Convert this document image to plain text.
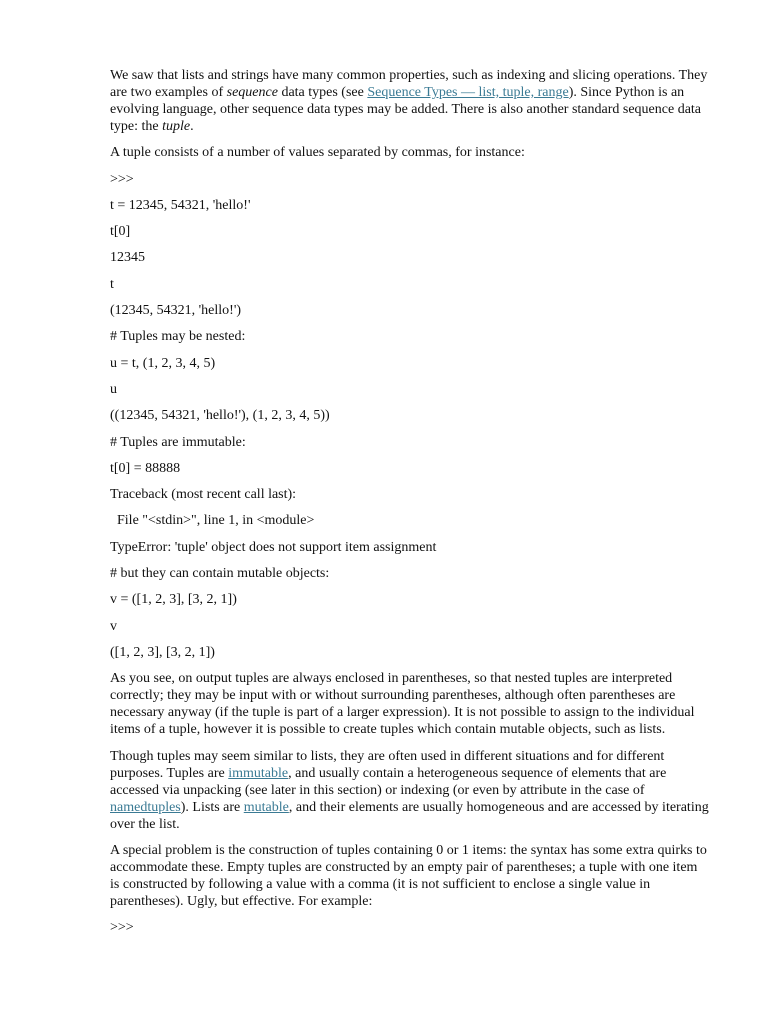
We saw that lists and strings have many common properties, such as indexing and slicing operations. They are two examples of sequence data types (see Sequence Types — list, tuple, range). Since Python is an evolving language, other sequence data types may be added. There is also another standard sequence data type: the tuple.

A tuple consists of a number of values separated by commas, for instance:

>>>

t = 12345, 54321, 'hello!'

t[0]

12345

t

(12345, 54321, 'hello!')

# Tuples may be nested:

u = t, (1, 2, 3, 4, 5)

u

((12345, 54321, 'hello!'), (1, 2, 3, 4, 5))

# Tuples are immutable:

t[0] = 88888

Traceback (most recent call last):

File "<stdin>", line 1, in <module>

TypeError: 'tuple' object does not support item assignment

# but they can contain mutable objects:

v = ([1, 2, 3], [3, 2, 1])

v

([1, 2, 3], [3, 2, 1])

As you see, on output tuples are always enclosed in parentheses, so that nested tuples are interpreted correctly; they may be input with or without surrounding parentheses, although often parentheses are necessary anyway (if the tuple is part of a larger expression). It is not possible to assign to the individual items of a tuple, however it is possible to create tuples which contain mutable objects, such as lists.

Though tuples may seem similar to lists, they are often used in different situations and for different purposes. Tuples are immutable, and usually contain a heterogeneous sequence of elements that are accessed via unpacking (see later in this section) or indexing (or even by attribute in the case of namedtuples). Lists are mutable, and their elements are usually homogeneous and are accessed by iterating over the list.

A special problem is the construction of tuples containing 0 or 1 items: the syntax has some extra quirks to accommodate these. Empty tuples are constructed by an empty pair of parentheses; a tuple with one item is constructed by following a value with a comma (it is not sufficient to enclose a single value in parentheses). Ugly, but effective. For example:

>>>
